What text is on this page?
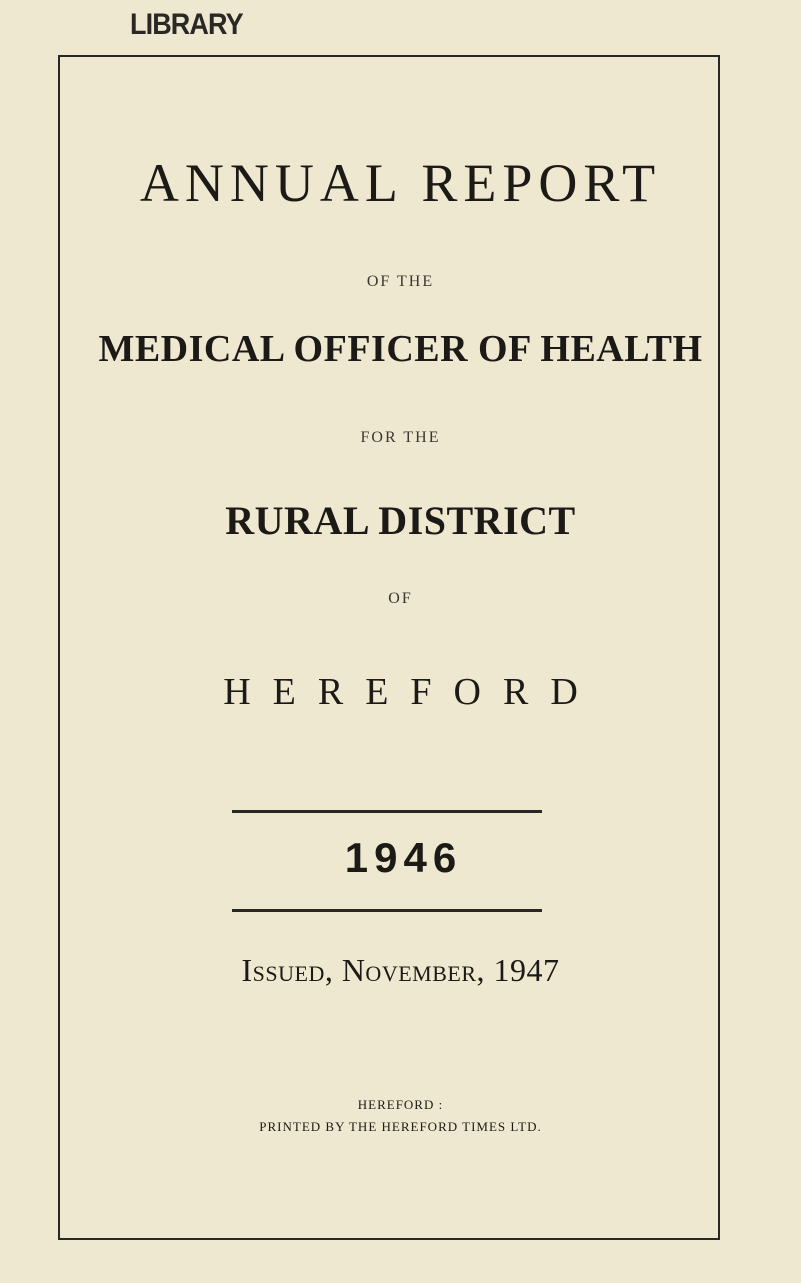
LIBRARY

ANNUAL REPORT

OF THE

MEDICAL OFFICER OF HEALTH

FOR THE

RURAL DISTRICT

OF

HEREFORD

1946

Issued, November, 1947

HEREFORD :

PRINTED BY THE HEREFORD TIMES LTD.
